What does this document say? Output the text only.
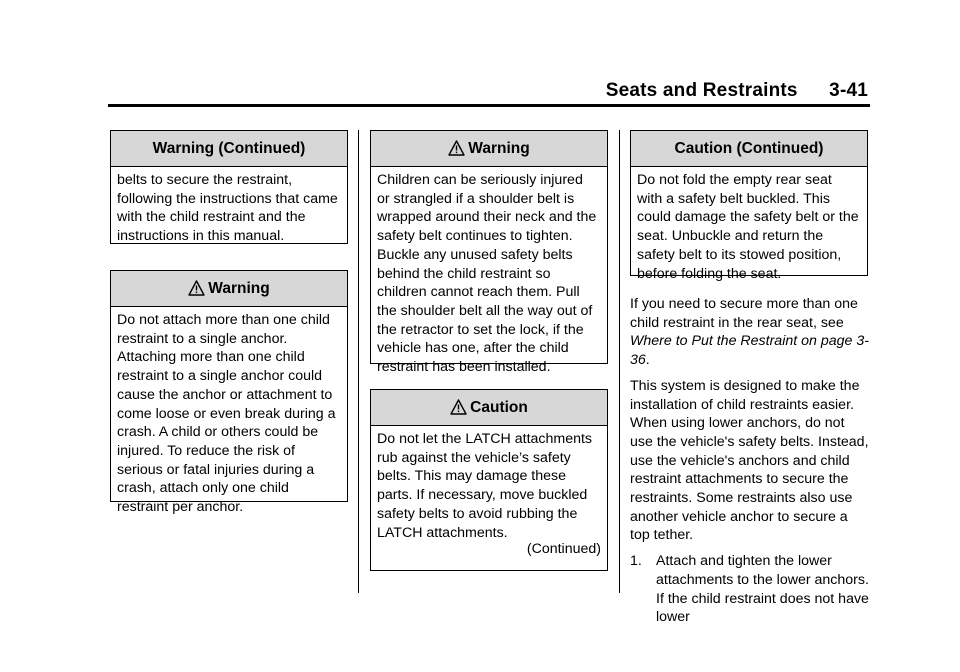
Seats and Restraints 3-41
Warning (Continued)

belts to secure the restraint, following the instructions that came with the child restraint and the instructions in this manual.

Warning

Do not attach more than one child restraint to a single anchor. Attaching more than one child restraint to a single anchor could cause the anchor or attachment to come loose or even break during a crash. A child or others could be injured. To reduce the risk of serious or fatal injuries during a crash, attach only one child restraint per anchor.

Warning

Children can be seriously injured or strangled if a shoulder belt is wrapped around their neck and the safety belt continues to tighten. Buckle any unused safety belts behind the child restraint so children cannot reach them. Pull the shoulder belt all the way out of the retractor to set the lock, if the vehicle has one, after the child restraint has been installed.

Caution

Do not let the LATCH attachments rub against the vehicle’s safety belts. This may damage these parts. If necessary, move buckled safety belts to avoid rubbing the LATCH attachments.

(Continued)
Caution (Continued)

Do not fold the empty rear seat with a safety belt buckled. This could damage the safety belt or the seat. Unbuckle and return the safety belt to its stowed position, before folding the seat.

If you need to secure more than one child restraint in the rear seat, see Where to Put the Restraint on page 3-36.

This system is designed to make the installation of child restraints easier. When using lower anchors, do not use the vehicle's safety belts. Instead, use the vehicle's anchors and child restraint attachments to secure the restraints. Some restraints also use another vehicle anchor to secure a top tether.

1. Attach and tighten the lower attachments to the lower anchors. If the child restraint does not have lower
